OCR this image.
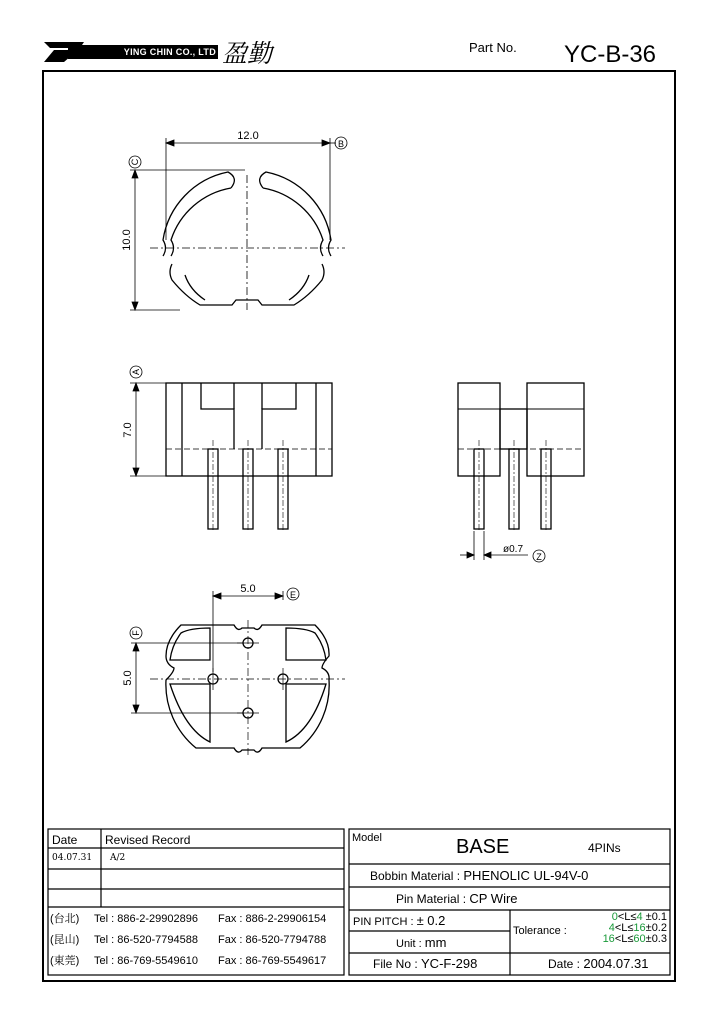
YING CHIN CO., LTD 盈勤	Part No. YC-B-36
12.0
B
10.0
C
7.0
A
ø0.7
Z
5.0	E
5.0
F
Date Revised Record
04.07.31 A/2
(台北) Tel : 886-2-29902896 Fax : 886-2-29906154
(昆山) Tel : 86-520-7794588 Fax : 86-520-7794788
(東莞) Tel : 86-769-5549610 Fax : 86-769-5549617
Model	BASE	4PINs
Bobbin Material : PHENOLIC UL-94V-0
Pin Material : CP Wire
PIN PITCH : ± 0.2
Unit : mm
File No : YC-F-298	Date : 2004.07.31
Tolerance :
0<L≤4 ±0.1
4<L≤16±0.2
16<L≤60±0.3
